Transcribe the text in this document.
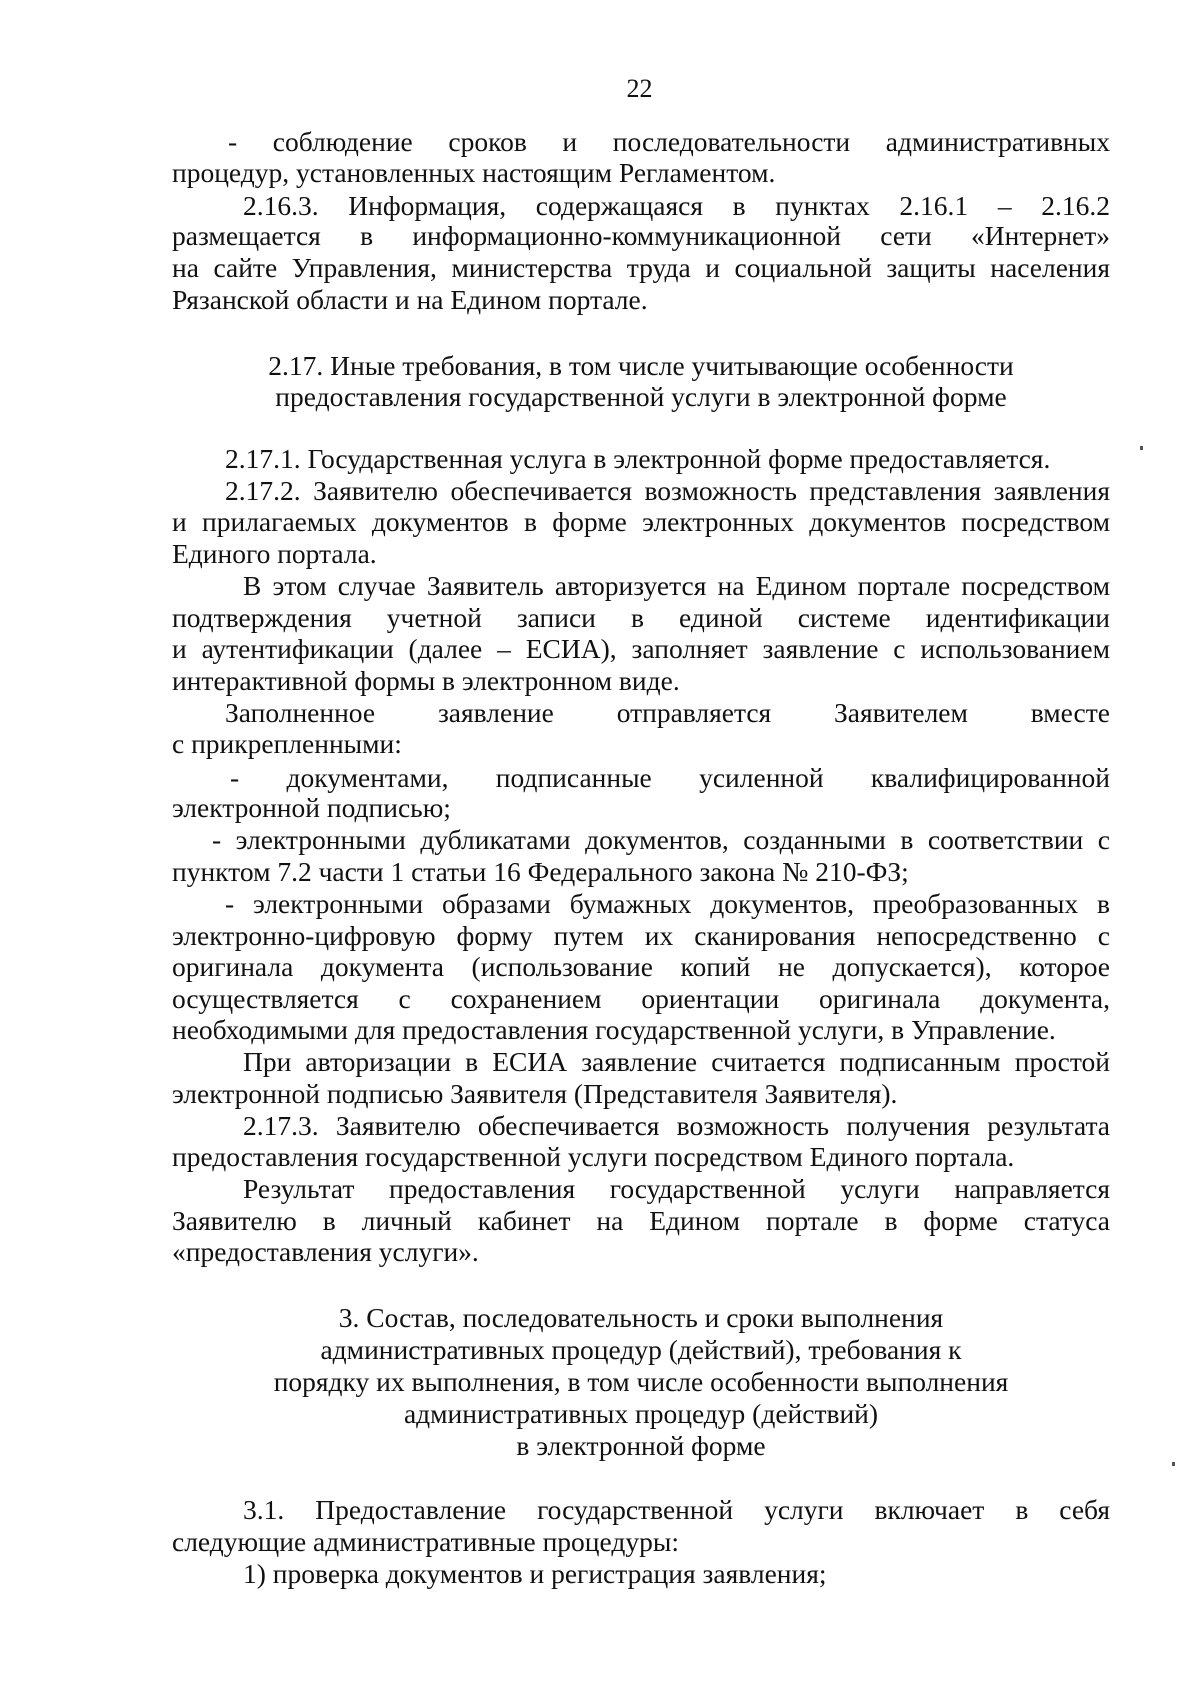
22
- соблюдение сроков и последовательности административных
процедур, установленных настоящим Регламентом.
2.16.3. Информация, содержащаяся в пунктах 2.16.1 – 2.16.2
размещается в информационно-коммуникационной сети «Интернет»
на сайте Управления, министерства труда и социальной защиты населения
Рязанской области и на Едином портале.
2.17. Иные требования, в том числе учитывающие особенности
предоставления государственной услуги в электронной форме
2.17.1. Государственная услуга в электронной форме предоставляется.
2.17.2. Заявителю обеспечивается возможность представления заявления
и прилагаемых документов в форме электронных документов посредством
Единого портала.
В этом случае Заявитель авторизуется на Едином портале посредством
подтверждения учетной записи в единой системе идентификации
и аутентификации (далее – ЕСИА), заполняет заявление с использованием
интерактивной формы в электронном виде.
Заполненное заявление отправляется Заявителем вместе
с прикрепленными:
- документами, подписанные усиленной квалифицированной
электронной подписью;
- электронными дубликатами документов, созданными в соответствии с
пунктом 7.2 части 1 статьи 16 Федерального закона № 210-ФЗ;
- электронными образами бумажных документов, преобразованных в
электронно-цифровую форму путем их сканирования непосредственно с
оригинала документа (использование копий не допускается), которое
осуществляется с сохранением ориентации оригинала документа,
необходимыми для предоставления государственной услуги, в Управление.
При авторизации в ЕСИА заявление считается подписанным простой
электронной подписью Заявителя (Представителя Заявителя).
2.17.3. Заявителю обеспечивается возможность получения результата
предоставления государственной услуги посредством Единого портала.
Результат предоставления государственной услуги направляется
Заявителю в личный кабинет на Едином портале в форме статуса
«предоставления услуги».
3. Состав, последовательность и сроки выполнения
административных процедур (действий), требования к
порядку их выполнения, в том числе особенности выполнения
административных процедур (действий)
в электронной форме
3.1. Предоставление государственной услуги включает в себя
следующие административные процедуры:
1) проверка документов и регистрация заявления;
